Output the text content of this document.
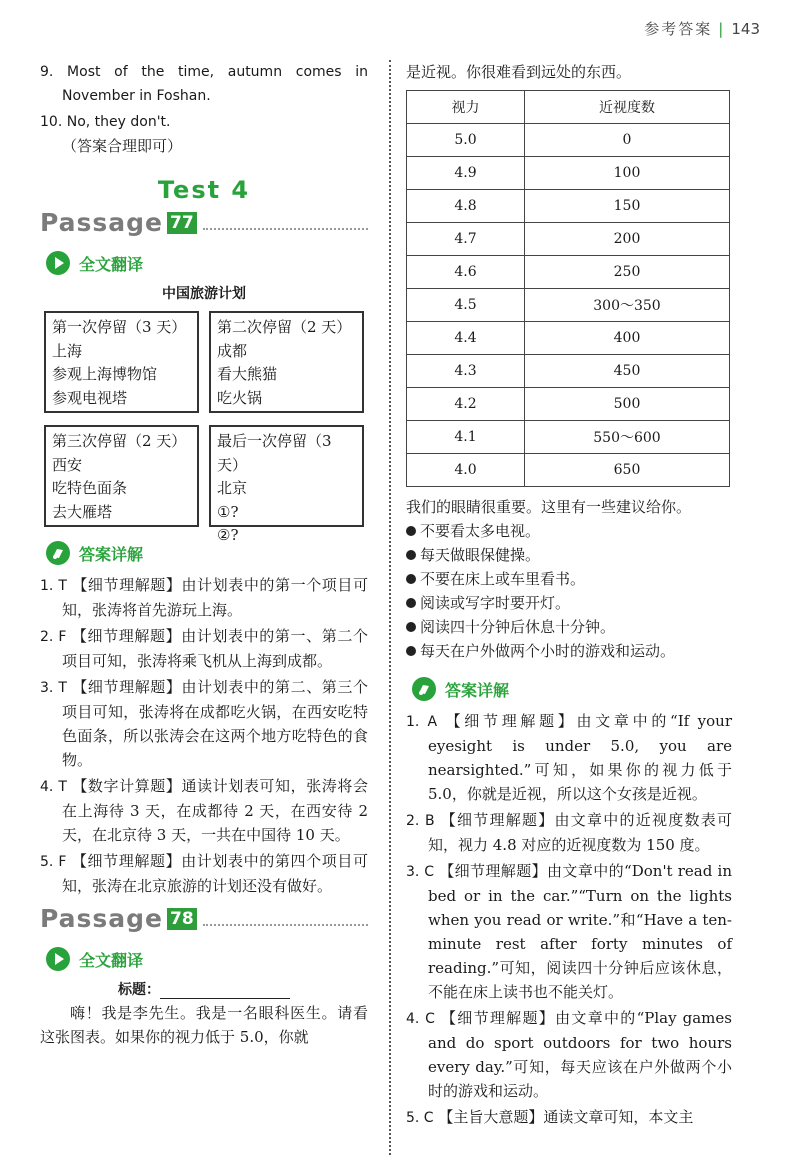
参考答案 | 143
9. Most of the time, autumn comes in November in Foshan.
10. No, they don't.
（答案合理即可）
Test 4
Passage 77
全文翻译
中国旅游计划
第一次停留（3 天）
上海
参观上海博物馆
参观电视塔
第二次停留（2 天）
成都
看大熊猫
吃火锅
第三次停留（2 天）
西安
吃特色面条
去大雁塔
最后一次停留（3 天）
北京
①?
②?
答案详解
1. T 【细节理解题】由计划表中的第一个项目可知，张涛将首先游玩上海。
2. F 【细节理解题】由计划表中的第一、第二个项目可知，张涛将乘飞机从上海到成都。
3. T 【细节理解题】由计划表中的第二、第三个项目可知，张涛将在成都吃火锅，在西安吃特色面条，所以张涛会在这两个地方吃特色的食物。
4. T 【数字计算题】通读计划表可知，张涛将会在上海待 3 天，在成都待 2 天，在西安待 2 天，在北京待 3 天，一共在中国待 10 天。
5. F 【细节理解题】由计划表中的第四个项目可知，张涛在北京旅游的计划还没有做好。
Passage 78
全文翻译
标题：
嗨！我是李先生。我是一名眼科医生。请看这张图表。如果你的视力低于 5.0，你就
是近视。你很难看到远处的东西。
视力	近视度数
5.0	0
4.9	100
4.8	150
4.7	200
4.6	250
4.5	300～350
4.4	400
4.3	450
4.2	500
4.1	550～600
4.0	650
我们的眼睛很重要。这里有一些建议给你。
不要看太多电视。
每天做眼保健操。
不要在床上或车里看书。
阅读或写字时要开灯。
阅读四十分钟后休息十分钟。
每天在户外做两个小时的游戏和运动。
答案详解
1. A 【细节理解题】由文章中的“If your eyesight is under 5.0, you are nearsighted.”可知，如果你的视力低于 5.0，你就是近视，所以这个女孩是近视。
2. B 【细节理解题】由文章中的近视度数表可知，视力 4.8 对应的近视度数为 150 度。
3. C 【细节理解题】由文章中的“Don't read in bed or in the car.”“Turn on the lights when you read or write.”和“Have a ten-minute rest after forty minutes of reading.”可知，阅读四十分钟后应该休息，不能在床上读书也不能关灯。
4. C 【细节理解题】由文章中的“Play games and do sport outdoors for two hours every day.”可知，每天应该在户外做两个小时的游戏和运动。
5. C 【主旨大意题】通读文章可知，本文主
